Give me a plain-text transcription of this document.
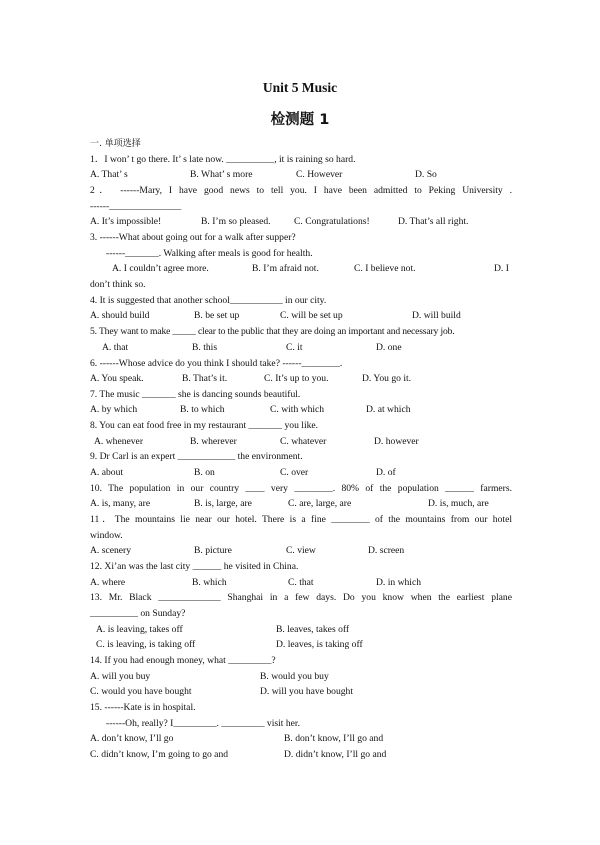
Unit 5 Music
检测题 1
一. 单项选择
1．I won’ t go there. It’ s late now. __________, it is raining so hard.
A. That’ s	B. What’ s more	C. However	D. So
2． ------Mary, I have good news to tell you. I have been admitted to Peking University .
------_______________
A. It’s impossible!	B. I’m so pleased. C. Congratulations!	D. That’s all right.
3. ------What about going out for a walk after supper?
------_______. Walking after meals is good for health.
A. I couldn’t agree more.	B. I’m afraid not.	C. I believe not.	D. I
don’t think so.
4. It is suggested that another school___________ in our city.
A. should build	B. be set up	C. will be set up	D. will build
5. They want to make _____ clear to the public that they are doing an important and necessary job.
A. that	B. this	C. it	D. one
6. ------Whose advice do you think I should take? ------________.
A. You speak.	B. That’s it.	C. It’s up to you.	D. You go it.
7. The music _______ she is dancing sounds beautiful.
A. by which	B. to which	C. with which	D. at which
8. You can eat food free in my restaurant _______ you like.
A. whenever	B. wherever	C. whatever	D. however
9. Dr Carl is an expert ____________ the environment.
A. about	B. on	C. over	D. of
10. The population in our country ____ very ________. 80% of the population ______ farmers.
A. is, many, are	B. is, large, are	C. are, large, are	D. is, much, are
11．The mountains lie near our hotel. There is a fine ________ of the mountains from our hotel
window.
A. scenery	B. picture	C. view	D. screen
12. Xi’an was the last city ______ he visited in China.
A. where	B. which	C. that	D. in which
13. Mr. Black _____________ Shanghai in a few days. Do you know when the earliest plane
__________ on Sunday?
A. is leaving, takes off	B. leaves, takes off
C. is leaving, is taking off	D. leaves, is taking off
14. If you had enough money, what _________?
A. will you buy	B. would you buy
C. would you have bought	D. will you have bought
15. ------Kate is in hospital.
------Oh, really? I_________. _________ visit her.
A. don’t know, I’ll go	B. don’t know, I’ll go and
C. didn’t know, I’m going to go and	D. didn’t know, I’ll go and
